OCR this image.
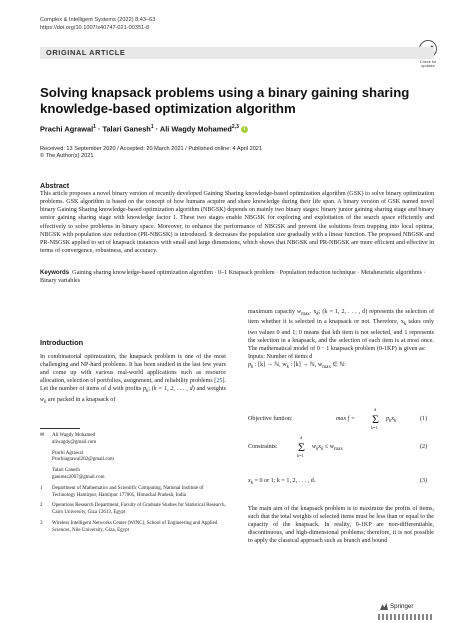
Complex & Intelligent Systems (2022) 8:43–63
https://doi.org/10.1007/s40747-021-00351-8
Check for updates
ORIGINAL ARTICLE
Solving knapsack problems using a binary gaining sharing knowledge-based optimization algorithm
Prachi Agrawal$^1$ · Talari Ganesh$^1$ · Ali Wagdy Mohamed$^{2,3}$ i
Received: 13 September 2020 / Accepted: 20 March 2021 / Published online: 4 April 2021
© The Author(s) 2021
Abstract
This article proposes a novel binary version of recently developed Gaining Sharing knowledge-based optimization algorithm (GSK) to solve binary optimization problems. GSK algorithm is based on the concept of how humans acquire and share knowledge during their life span. A binary version of GSK named novel binary Gaining Sharing knowledge-based optimization algorithm (NBGSK) depends on mainly two binary stages: binary junior gaining sharing stage and binary senior gaining sharing stage with knowledge factor 1. These two stages enable NBGSK for exploring and exploitation of the search space efficiently and effectively to solve problems in binary space. Moreover, to enhance the performance of NBGSK and prevent the solutions from trapping into local optima, NBGSK with population size reduction (PR-NBGSK) is introduced. It decreases the population size gradually with a linear function. The proposed NBGSK and PR-NBGSK applied to set of knapsack instances with small and large dimensions, which shows that NBGSK and PR-NBGSK are more efficient and effective in terms of convergence, robustness, and accuracy.
Keywords Gaining sharing knowledge-based optimization algorithm · 0–1 Knapsack problem · Population reduction technique · Metaheuristic algorithms · Binary variables
Introduction
In combinatorial optimization, the knapsack problem is one of the most challenging and NP-hard problems. It has been studied in the last few years and come up with various real-world applications such as resource allocation, selection of portfolios, assignment, and reliability problems [25]. Let the number of items of d with profits $p_k$; (k = 1, 2, . . . , d) and weights $w_k$ are packed in a knapsack of
✉	Ali Wagdy Mohamed
aliwagdy@gmail.com
Prachi Agrawal
Prachiagrawal202@gmail.com
Talari Ganesh
ganimsc2007@gmail.com
1	Department of Mathematics and Scientific Computing, National Institute of Technology Hamirpur, Hamirpur 177005, Himachal Pradesh, India
2	Operations Research Department, Faculty of Graduate Studies for Statistical Research, Cairo University, Giza 12613, Egypt
3	Wireless Intelligent Networks Center (WINC), School of Engineering and Applied Sciences, Nile University, Giza, Egypt
maximum capacity $w_{max}$. $x_k$; (k = 1, 2, . . . , d) represents the selection of item whether it is selected in a knapsack or not. Therefore, $x_k$ takes only two values 0 and 1; 0 means that kth item is not selected, and 1 represents the selection in a knapsack, and the selection of each item is at most once. The mathematical model of 0 − 1 knapsack problem (0-1KP) is given as:
Inputs: Number of items d
$p_k$ : [k] → ℕ, $w_k$ : [k] → ℕ, $w_{max}$ ∈ ℕ:
Objective funtion:	max f =
d
Σ
k=1
$p_kx_k$	(1)
Constraints:
d
Σ
k=1
$w_kx_k \le w_{max}$	(2)
$x_k = 0$ or 1; k = 1, 2, . . . , d.	(3)
The main aim of the knapsack problem is to maximize the profits of items, such that the total weights of selected items must be less than or equal to the capacity of the knapsack. In reality, 0-1KP are non-differentiable, discontinuous, and high-dimensional problems; therefore, it is not possible to apply the classical approach such as branch and bound
Springer
